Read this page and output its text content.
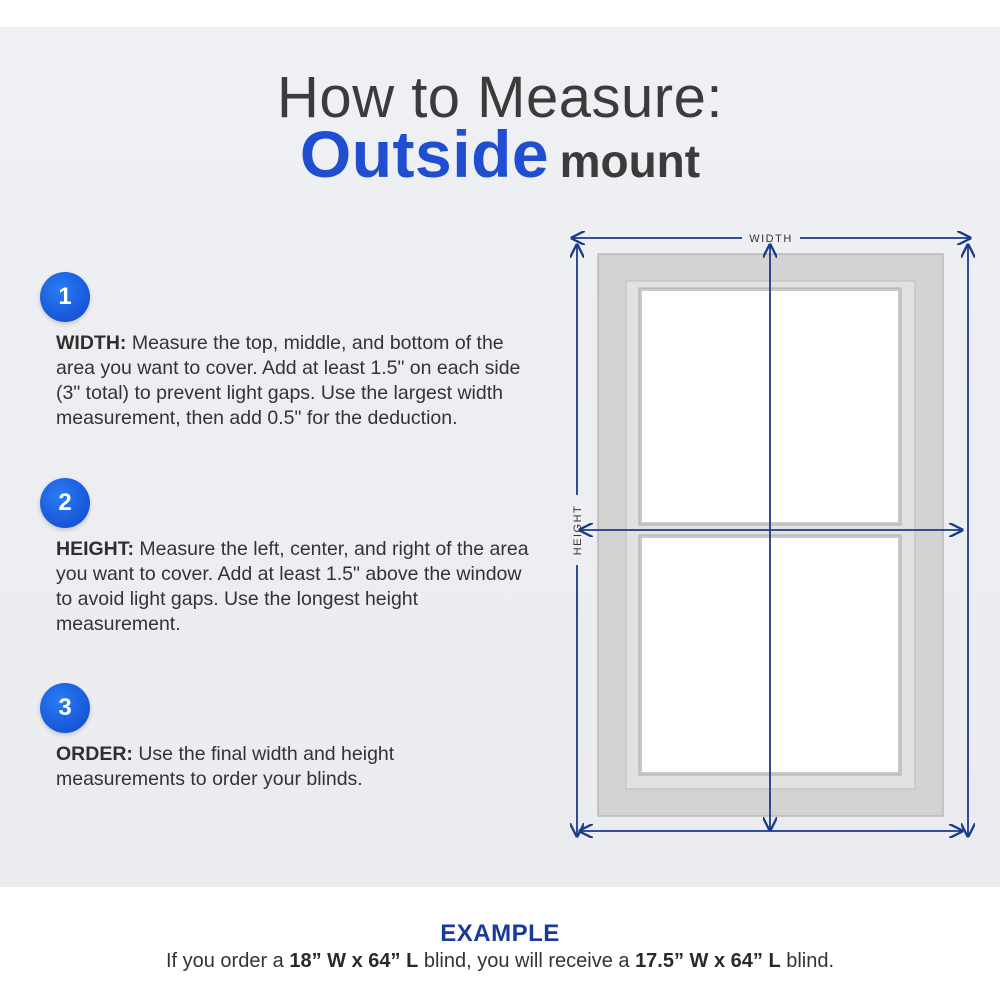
How to Measure:
Outside mount
1
WIDTH: Measure the top, middle, and bottom of the area you want to cover. Add at least 1.5" on each side (3" total) to prevent light gaps. Use the largest width measurement, then add 0.5" for the deduction.
2
HEIGHT: Measure the left, center, and right of the area you want to cover. Add at least 1.5" above the window to avoid light gaps. Use the longest height measurement.
3
ORDER: Use the final width and height measurements to order your blinds.
WIDTH
HEIGHT
EXAMPLE
If you order a 18” W x 64” L blind, you will receive a 17.5” W x 64” L blind.
